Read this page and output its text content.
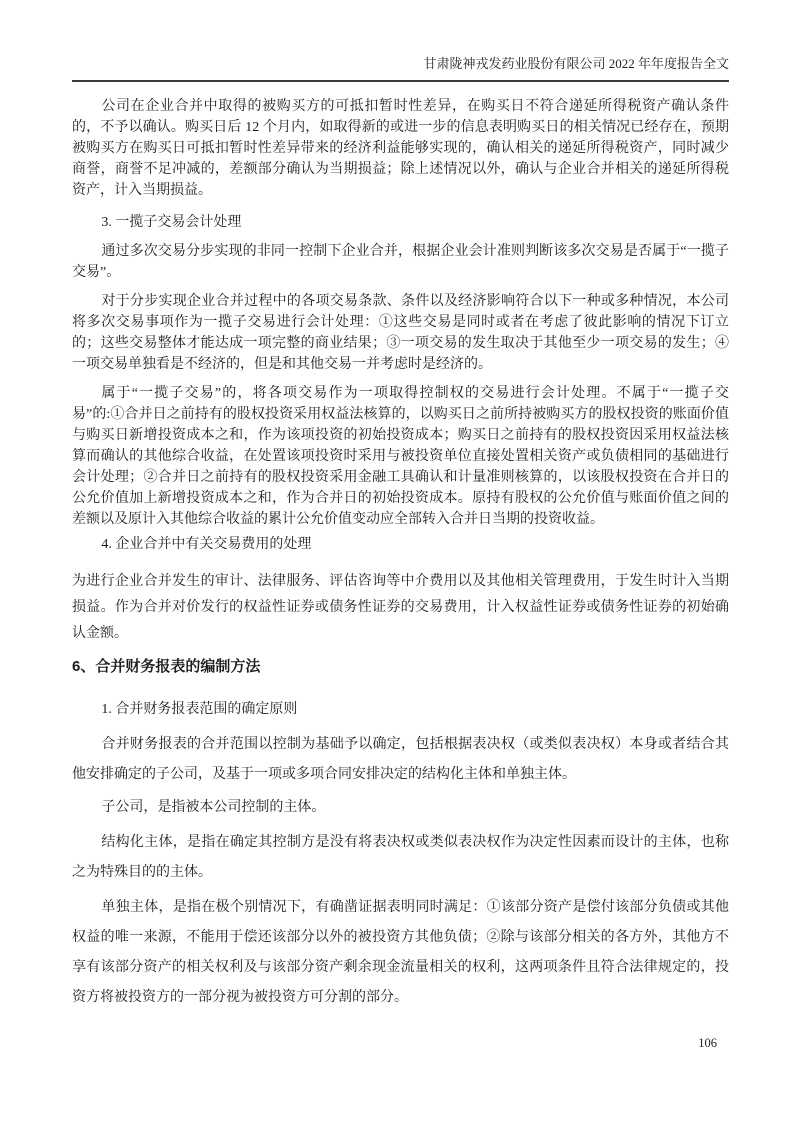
甘肃陇神戎发药业股份有限公司 2022 年年度报告全文

公司在企业合并中取得的被购买方的可抵扣暂时性差异，在购买日不符合递延所得税资产确认条件的，不予以确认。购买日后 12 个月内，如取得新的或进一步的信息表明购买日的相关情况已经存在，预期被购买方在购买日可抵扣暂时性差异带来的经济利益能够实现的，确认相关的递延所得税资产，同时减少商誉，商誉不足冲减的，差额部分确认为当期损益；除上述情况以外，确认与企业合并相关的递延所得税资产，计入当期损益。

3. 一揽子交易会计处理

通过多次交易分步实现的非同一控制下企业合并，根据企业会计准则判断该多次交易是否属于“一揽子交易”。

对于分步实现企业合并过程中的各项交易条款、条件以及经济影响符合以下一种或多种情况，本公司将多次交易事项作为一揽子交易进行会计处理：①这些交易是同时或者在考虑了彼此影响的情况下订立的；这些交易整体才能达成一项完整的商业结果；③一项交易的发生取决于其他至少一项交易的发生；④一项交易单独看是不经济的，但是和其他交易一并考虑时是经济的。

属于“一揽子交易”的，将各项交易作为一项取得控制权的交易进行会计处理。不属于“一揽子交易”的:①合并日之前持有的股权投资采用权益法核算的，以购买日之前所持被购买方的股权投资的账面价值与购买日新增投资成本之和，作为该项投资的初始投资成本；购买日之前持有的股权投资因采用权益法核算而确认的其他综合收益，在处置该项投资时采用与被投资单位直接处置相关资产或负债相同的基础进行会计处理；②合并日之前持有的股权投资采用金融工具确认和计量准则核算的，以该股权投资在合并日的公允价值加上新增投资成本之和，作为合并日的初始投资成本。原持有股权的公允价值与账面价值之间的差额以及原计入其他综合收益的累计公允价值变动应全部转入合并日当期的投资收益。

4. 企业合并中有关交易费用的处理

为进行企业合并发生的审计、法律服务、评估咨询等中介费用以及其他相关管理费用，于发生时计入当期损益。作为合并对价发行的权益性证券或债务性证券的交易费用，计入权益性证券或债务性证券的初始确认金额。

6、合并财务报表的编制方法

1. 合并财务报表范围的确定原则

合并财务报表的合并范围以控制为基础予以确定，包括根据表决权（或类似表决权）本身或者结合其他安排确定的子公司，及基于一项或多项合同安排决定的结构化主体和单独主体。

子公司，是指被本公司控制的主体。

结构化主体，是指在确定其控制方是没有将表决权或类似表决权作为决定性因素而设计的主体，也称之为特殊目的的主体。

单独主体，是指在极个别情况下，有确凿证据表明同时满足：①该部分资产是偿付该部分负债或其他权益的唯一来源，不能用于偿还该部分以外的被投资方其他负债；②除与该部分相关的各方外，其他方不享有该部分资产的相关权利及与该部分资产剩余现金流量相关的权利，这两项条件且符合法律规定的，投资方将被投资方的一部分视为被投资方可分割的部分。

106
